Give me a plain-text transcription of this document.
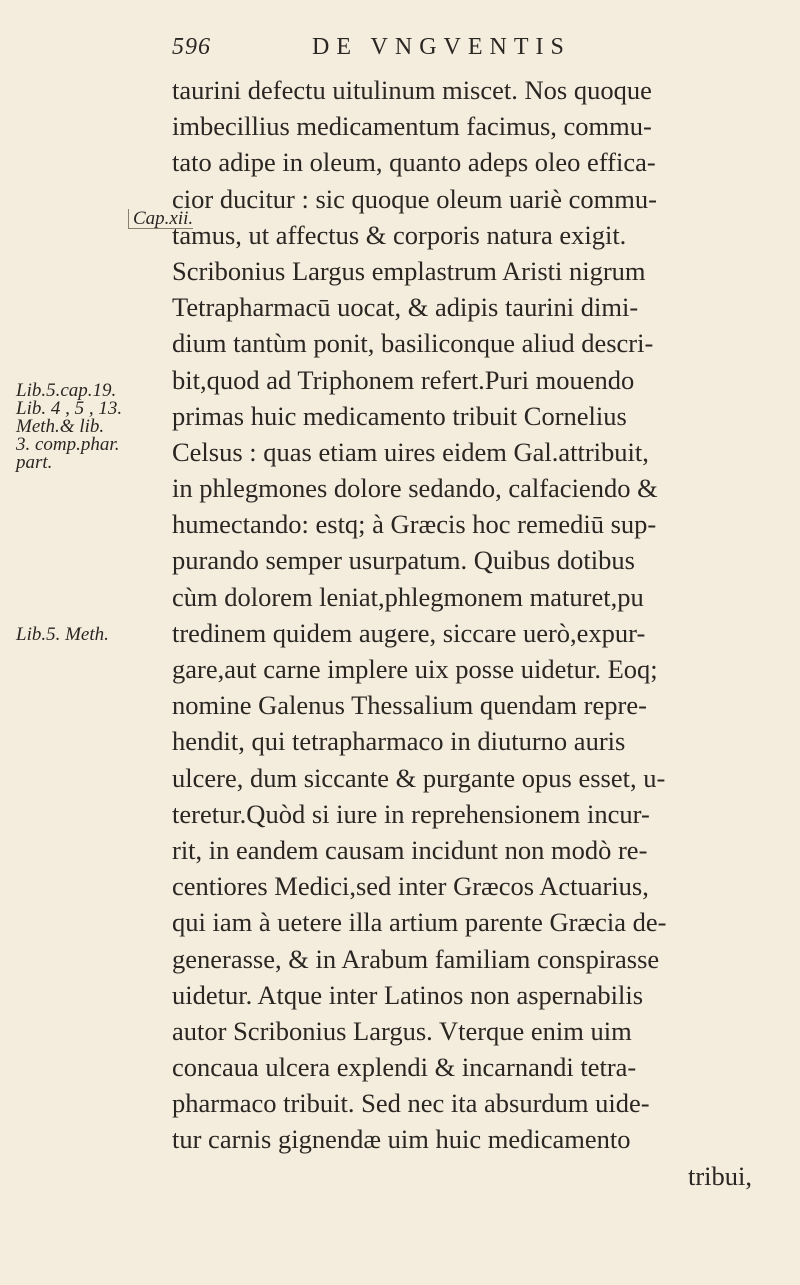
596	DE VNGVENTIS
Cap.xii.
Lib.5.cap.19.
Lib. 4 , 5 , 13.
Meth.& lib.
3. comp.phar.
part.
Lib.5. Meth.
taurini defectu uitulinum miscet. Nos quoque
imbecillius medicamentum facimus, commu-
tato adipe in oleum, quanto adeps oleo effica-
cior ducitur : sic quoque oleum uariè commu-
tamus, ut affectus & corporis natura exigit.
Scribonius Largus emplastrum Aristi nigrum
Tetrapharmacū uocat, & adipis taurini dimi-
dium tantùm ponit, basiliconque aliud descri-
bit,quod ad Triphonem refert.Puri mouendo
primas huic medicamento tribuit Cornelius
Celsus : quas etiam uires eidem Gal.attribuit,
in phlegmones dolore sedando, calfaciendo &
humectando: estq; à Græcis hoc remediū sup-
purando semper usurpatum. Quibus dotibus
cùm dolorem leniat,phlegmonem maturet,pu
tredinem quidem augere, siccare uerò,expur-
gare,aut carne implere uix posse uidetur. Eoq;
nomine Galenus Thessalium quendam repre-
hendit, qui tetrapharmaco in diuturno auris
ulcere, dum siccante & purgante opus esset, u-
teretur.Quòd si iure in reprehensionem incur-
rit, in eandem causam incidunt non modò re-
centiores Medici,sed inter Græcos Actuarius,
qui iam à uetere illa artium parente Græcia de-
generasse, & in Arabum familiam conspirasse
uidetur. Atque inter Latinos non aspernabilis
autor Scribonius Largus. Vterque enim uim
concaua ulcera explendi & incarnandi tetra-
pharmaco tribuit. Sed nec ita absurdum uide-
tur carnis gignendæ uim huic medicamento
tribui,
